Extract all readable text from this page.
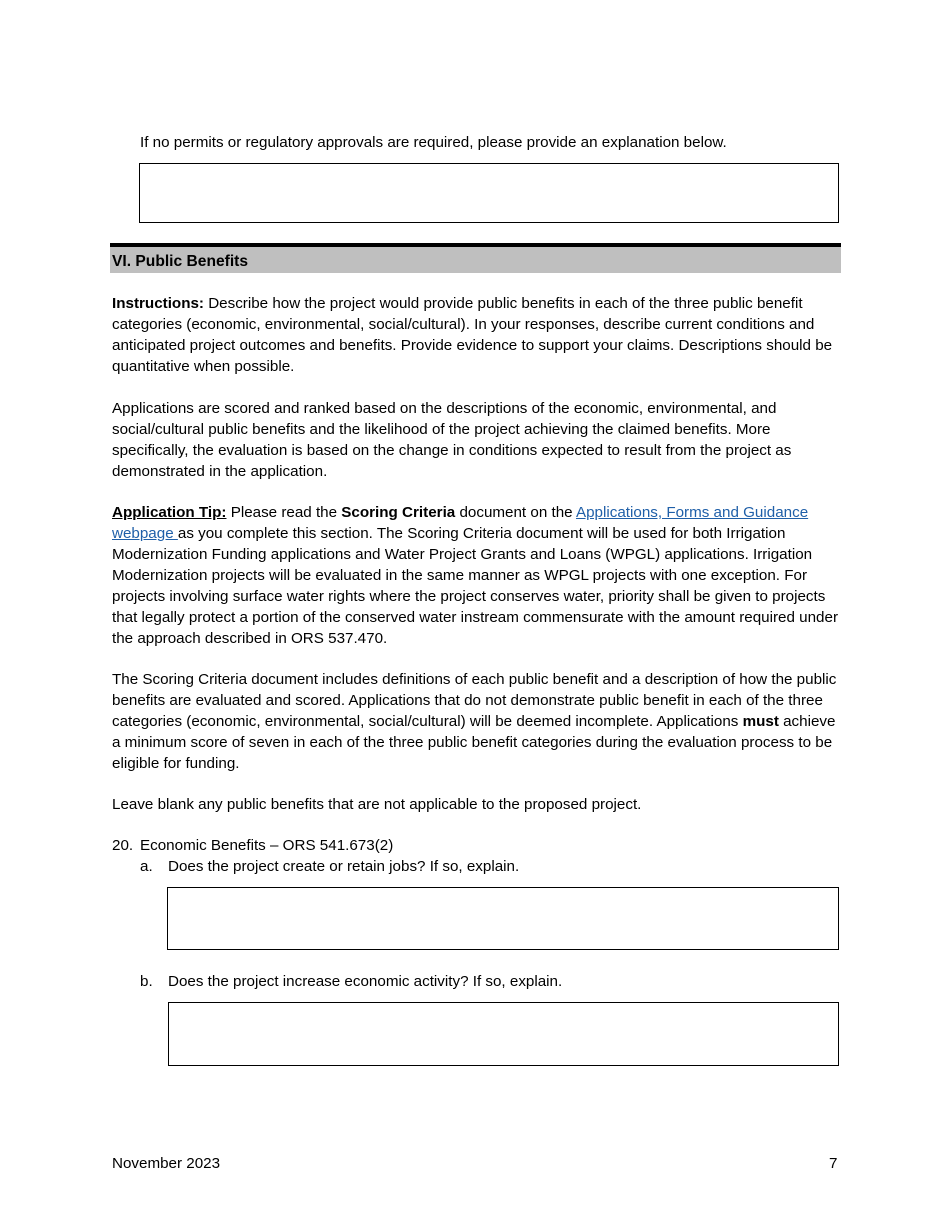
If no permits or regulatory approvals are required, please provide an explanation below.

VI. Public Benefits

Instructions: Describe how the project would provide public benefits in each of the three public benefit categories (economic, environmental, social/cultural). In your responses, describe current conditions and anticipated project outcomes and benefits. Provide evidence to support your claims. Descriptions should be quantitative when possible.

Applications are scored and ranked based on the descriptions of the economic, environmental, and social/cultural public benefits and the likelihood of the project achieving the claimed benefits. More specifically, the evaluation is based on the change in conditions expected to result from the project as demonstrated in the application.

Application Tip: Please read the Scoring Criteria document on the Applications, Forms and Guidance webpage as you complete this section. The Scoring Criteria document will be used for both Irrigation Modernization Funding applications and Water Project Grants and Loans (WPGL) applications. Irrigation Modernization projects will be evaluated in the same manner as WPGL projects with one exception. For projects involving surface water rights where the project conserves water, priority shall be given to projects that legally protect a portion of the conserved water instream commensurate with the amount required under the approach described in ORS 537.470.

The Scoring Criteria document includes definitions of each public benefit and a description of how the public benefits are evaluated and scored. Applications that do not demonstrate public benefit in each of the three categories (economic, environmental, social/cultural) will be deemed incomplete. Applications must achieve a minimum score of seven in each of the three public benefit categories during the evaluation process to be eligible for funding.

Leave blank any public benefits that are not applicable to the proposed project.

20. Economic Benefits – ORS 541.673(2)
a. Does the project create or retain jobs? If so, explain.
b. Does the project increase economic activity? If so, explain.
November 2023	7
